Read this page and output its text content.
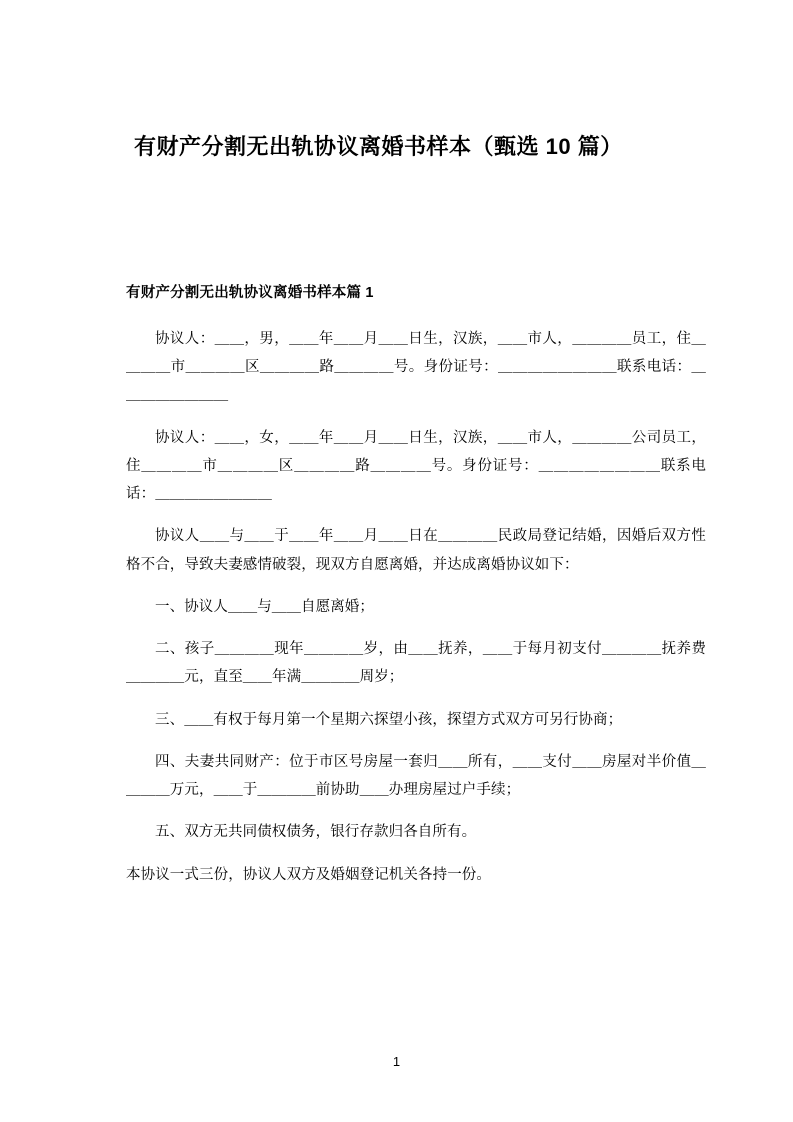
有财产分割无出轨协议离婚书样本（甄选 10 篇）
有财产分割无出轨协议离婚书样本篇 1

协议人：＿＿，男，＿＿年＿＿月＿＿日生，汉族，＿＿市人，＿＿＿＿员工，住＿＿＿＿市＿＿＿＿区＿＿＿＿路＿＿＿＿号。身份证号：＿＿＿＿＿＿＿＿联系电话：＿＿＿＿＿＿＿＿

协议人：＿＿，女，＿＿年＿＿月＿＿日生，汉族，＿＿市人，＿＿＿＿公司员工，住＿＿＿＿市＿＿＿＿区＿＿＿＿路＿＿＿＿号。身份证号：＿＿＿＿＿＿＿＿联系电话：＿＿＿＿＿＿＿＿

协议人＿＿与＿＿于＿＿年＿＿月＿＿日在＿＿＿＿民政局登记结婚，因婚后双方性格不合，导致夫妻感情破裂，现双方自愿离婚，并达成离婚协议如下：

一、协议人＿＿与＿＿自愿离婚；

二、孩子＿＿＿＿现年＿＿＿＿岁，由＿＿抚养，＿＿于每月初支付＿＿＿＿抚养费＿＿＿＿元，直至＿＿年满＿＿＿＿周岁；

三、＿＿有权于每月第一个星期六探望小孩，探望方式双方可另行协商；

四、夫妻共同财产：位于市区号房屋一套归＿＿所有，＿＿支付＿＿房屋对半价值＿＿＿＿万元，＿＿于＿＿＿＿前协助＿＿办理房屋过户手续；

五、双方无共同债权债务，银行存款归各自所有。

本协议一式三份，协议人双方及婚姻登记机关各持一份。

1
